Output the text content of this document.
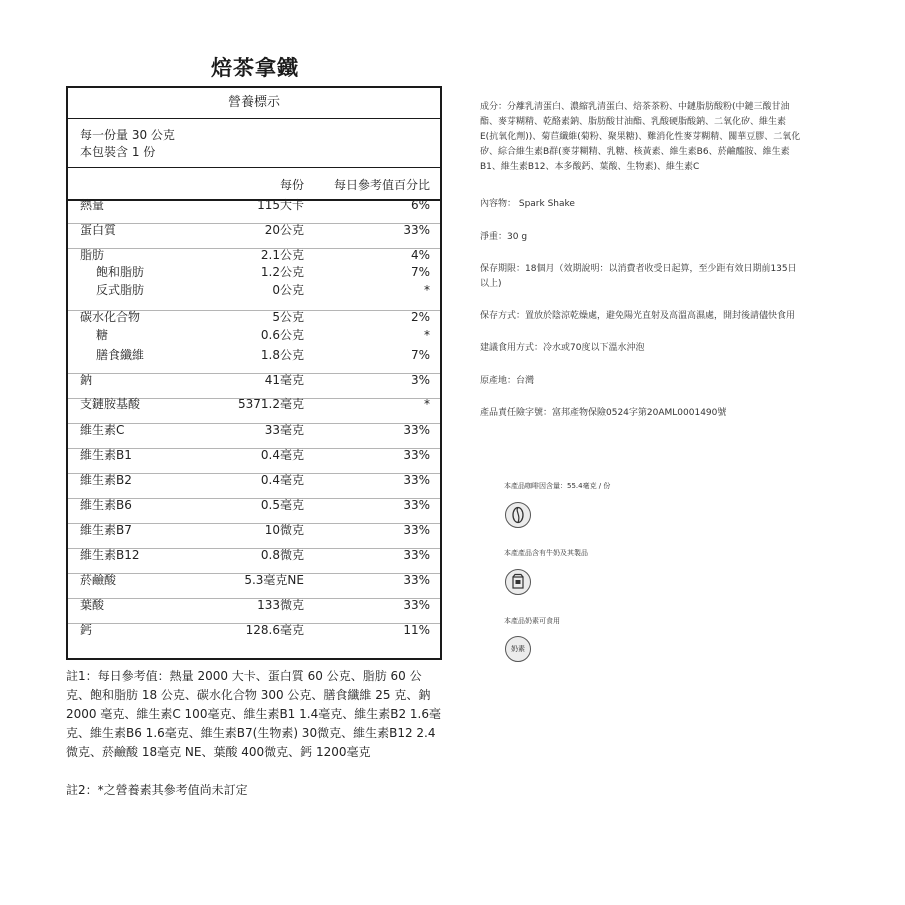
焙茶拿鐵
營養標示
每一份量 30 公克
本包裝含 1 份
每份 每日參考值百分比
熱量	115大卡	6%
蛋白質	20公克	33%
脂肪	2.1公克	4%
飽和脂肪	1.2公克	7%
反式脂肪	0公克	*
碳水化合物	5公克	2%
糖	0.6公克	*
膳食纖維	1.8公克	7%
鈉	41毫克	3%
支鏈胺基酸	5371.2毫克	*
維生素C	33毫克	33%
維生素B1	0.4毫克	33%
維生素B2	0.4毫克	33%
維生素B6	0.5毫克	33%
維生素B7	10微克	33%
維生素B12	0.8微克	33%
菸鹼酸	5.3毫克NE	33%
葉酸	133微克	33%
鈣	128.6毫克	11%
註1：每日參考值：熱量 2000 大卡、蛋白質 60 公克、脂肪 60 公
克、飽和脂肪 18 公克、碳水化合物 300 公克、膳食纖維 25 克、鈉
2000 毫克、維生素C 100毫克、維生素B1 1.4毫克、維生素B2 1.6毫
克、維生素B6 1.6毫克、維生素B7(生物素) 30微克、維生素B12 2.4
微克、菸鹼酸 18毫克 NE、葉酸 400微克、鈣 1200毫克
註2：*之營養素其參考值尚未訂定
成分：分離乳清蛋白、濃縮乳清蛋白、焙茶茶粉、中鏈脂肪酸粉(中鏈三酸甘油
酯、麥芽糊精、乾酪素鈉、脂肪酸甘油酯、乳酸硬脂酸鈉、二氧化矽、維生素
E(抗氧化劑))、菊苣纖維(菊粉、聚果糖)、難消化性麥芽糊精、關華豆膠、二氧化
矽、綜合維生素B群(麥芽糊精、乳糖、核黃素、維生素B6、菸鹼醯胺、維生素
B1、維生素B12、本多酸鈣、葉酸、生物素)、維生素C
內容物： Spark Shake
淨重：30 g
保存期限：18個月（效期說明：以消費者收受日起算，至少距有效日期前135日
以上)
保存方式：置放於陰涼乾燥處，避免陽光直射及高溫高濕處，開封後請儘快食用
建議食用方式：冷水或70度以下溫水沖泡
原產地：台灣
產品責任險字號：富邦產物保險0524字第20AML0001490號
本產品咖啡因含量：55.4毫克 / 份
本產產品含有牛奶及其製品
本產品奶素可食用
奶素
